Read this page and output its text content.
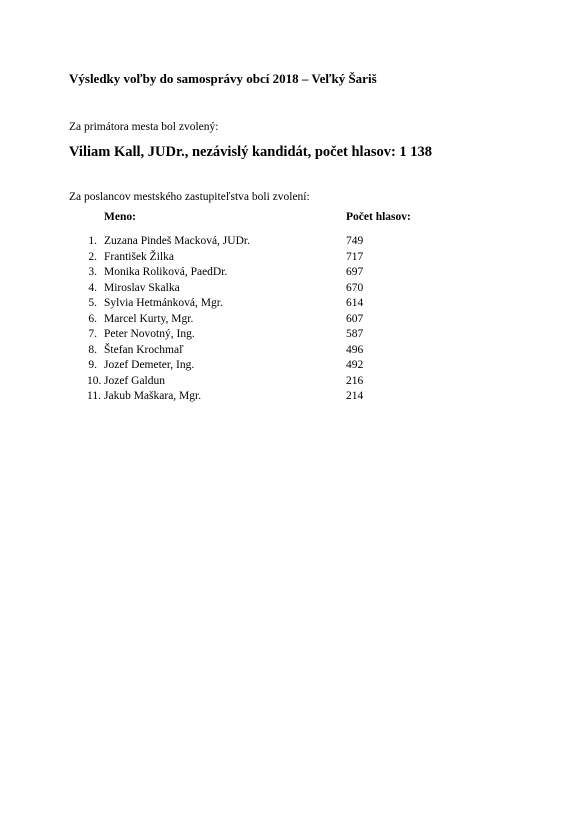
Výsledky voľby do samosprávy obcí 2018 – Veľký Šariš
Za primátora mesta bol zvolený:
Viliam Kall, JUDr., nezávislý kandidát, počet hlasov: 1 138
Za poslancov mestského zastupiteľstva boli zvolení:
Meno:	Počet hlasov:
1. Zuzana Pindeš Macková, JUDr.	749
2. František Žilka	717
3. Monika Roliková, PaedDr.	697
4. Miroslav Skalka	670
5. Sylvia Hetmánková, Mgr.	614
6. Marcel Kurty, Mgr.	607
7. Peter Novotný, Ing.	587
8. Štefan Krochmaľ	496
9. Jozef Demeter, Ing.	492
10. Jozef Galdun	216
11. Jakub Maškara, Mgr.	214
